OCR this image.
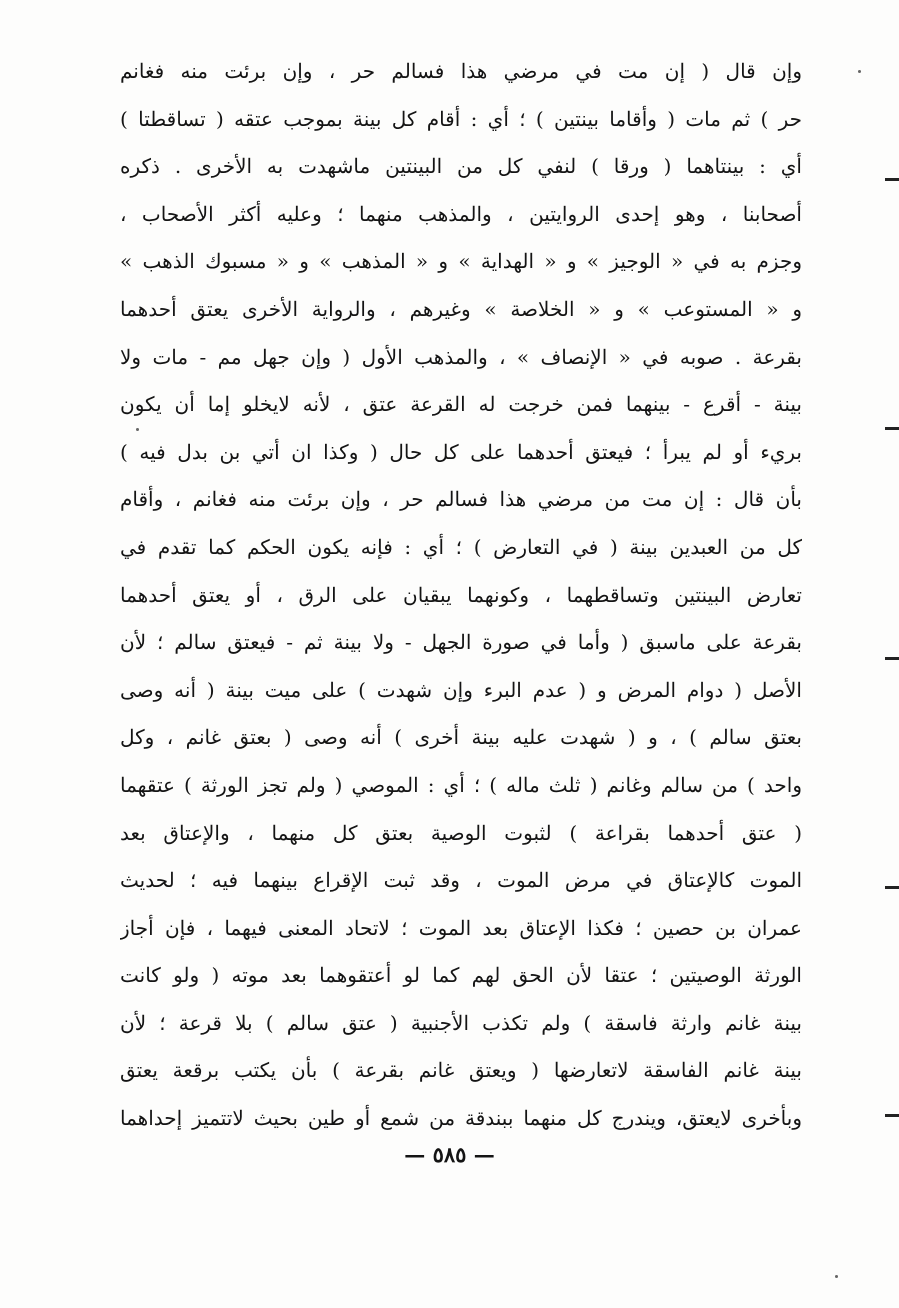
وإن قال ( إن مت في مرضي هذا فسالم حر ، وإن برئت منه فغانم
حر ) ثم مات ( وأقاما بينتين ) ؛ أي : أقام كل بينة بموجب عتقه ( تساقطتا )
أي : بينتاهما ( ورقا ) لنفي كل من البينتين ماشهدت به الأخرى . ذكره
أصحابنا ، وهو إحدى الروايتين ، والمذهب منهما ؛ وعليه أكثر الأصحاب ،
وجزم به في « الوجيز » و « الهداية » و « المذهب » و « مسبوك الذهب »
و « المستوعب » و « الخلاصة » وغيرهم ، والرواية الأخرى يعتق أحدهما
بقرعة . صوبه في « الإنصاف » ، والمذهب الأول ( وإن جهل مم - مات ولا
بينة - أقرع - بينهما فمن خرجت له القرعة عتق ، لأنه لايخلو إما أن يكون
بريء أو لم يبرأ ؛ فيعتق أحدهما على كل حال ( وكذا ان أتي بن بدل فيه )
بأن قال : إن مت من مرضي هذا فسالم حر ، وإن برئت منه فغانم ، وأقام
كل من العبدين بينة ( في التعارض ) ؛ أي : فإنه يكون الحكم كما تقدم في
تعارض البينتين وتساقطهما ، وكونهما يبقيان على الرق ، أو يعتق أحدهما
بقرعة على ماسبق ( وأما في صورة الجهل - ولا بينة ثم - فيعتق سالم ؛ لأن
الأصل ( دوام المرض و ( عدم البرء وإن شهدت ) على ميت بينة ( أنه وصى
بعتق سالم ) ، و ( شهدت عليه بينة أخرى ) أنه وصى ( بعتق غانم ، وكل
واحد ) من سالم وغانم ( ثلث ماله ) ؛ أي : الموصي ( ولم تجز الورثة ) عتقهما
( عتق أحدهما بقراعة ) لثبوت الوصية بعتق كل منهما ، والإعتاق بعد
الموت كالإعتاق في مرض الموت ، وقد ثبت الإقراع بينهما فيه ؛ لحديث
عمران بن حصين ؛ فكذا الإعتاق بعد الموت ؛ لاتحاد المعنى فيهما ، فإن أجاز
الورثة الوصيتين ؛ عتقا لأن الحق لهم كما لو أعتقوهما بعد موته ( ولو كانت
بينة غانم وارثة فاسقة ) ولم تكذب الأجنبية ( عتق سالم ) بلا قرعة ؛ لأن
بينة غانم الفاسقة لاتعارضها ( ويعتق غانم بقرعة ) بأن يكتب برقعة يعتق
وبأخرى لايعتق، ويندرج كل منهما ببندقة من شمع أو طين بحيث لاتتميز إحداهما
— ٥٨٥ —
